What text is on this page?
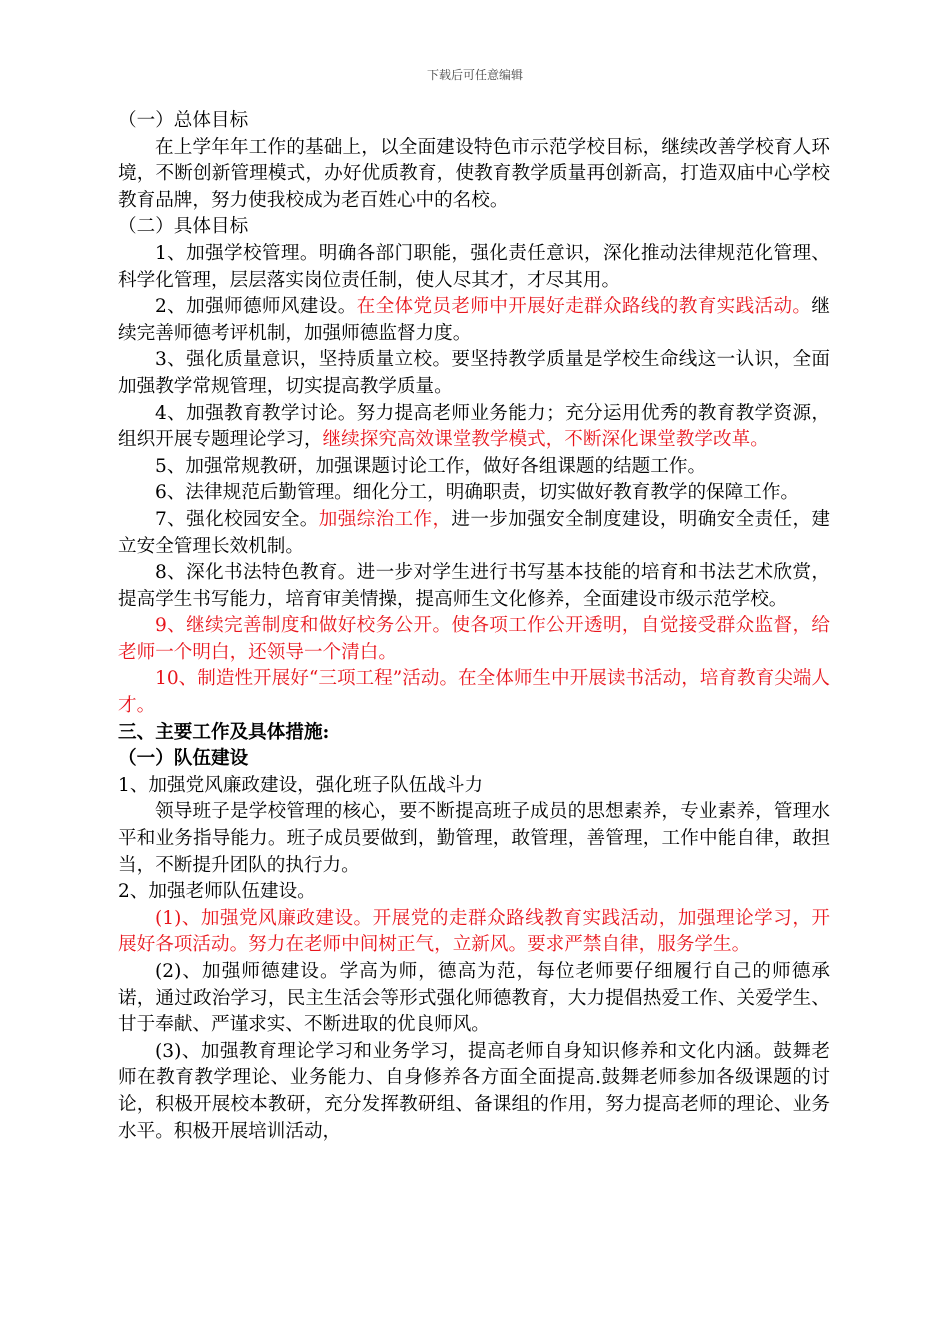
下载后可任意编辑

（一）总体目标

在上学年年工作的基础上，以全面建设特色市示范学校目标，继续改善学校育人环境，不断创新管理模式，办好优质教育，使教育教学质量再创新高，打造双庙中心学校教育品牌，努力使我校成为老百姓心中的名校。

（二）具体目标

1、加强学校管理。明确各部门职能，强化责任意识，深化推动法律规范化管理、科学化管理，层层落实岗位责任制，使人尽其才，才尽其用。

2、加强师德师风建设。在全体党员老师中开展好走群众路线的教育实践活动。继续完善师德考评机制，加强师德监督力度。

3、强化质量意识，坚持质量立校。要坚持教学质量是学校生命线这一认识，全面加强教学常规管理，切实提高教学质量。

4、加强教育教学讨论。努力提高老师业务能力；充分运用优秀的教育教学资源，组织开展专题理论学习，继续探究高效课堂教学模式，不断深化课堂教学改革。

5、加强常规教研，加强课题讨论工作，做好各组课题的结题工作。

6、法律规范后勤管理。细化分工，明确职责，切实做好教育教学的保障工作。

7、强化校园安全。加强综治工作，进一步加强安全制度建设，明确安全责任，建立安全管理长效机制。

8、深化书法特色教育。进一步对学生进行书写基本技能的培育和书法艺术欣赏，提高学生书写能力，培育审美情操，提高师生文化修养，全面建设市级示范学校。

9、继续完善制度和做好校务公开。使各项工作公开透明，自觉接受群众监督，给老师一个明白，还领导一个清白。

10、制造性开展好“三项工程”活动。在全体师生中开展读书活动，培育教育尖端人才。

三、主要工作及具体措施:

（一）队伍建设

1、加强党风廉政建设，强化班子队伍战斗力

领导班子是学校管理的核心，要不断提高班子成员的思想素养，专业素养，管理水平和业务指导能力。班子成员要做到，勤管理，敢管理，善管理，工作中能自律，敢担当，不断提升团队的执行力。

2、加强老师队伍建设。

(1)、加强党风廉政建设。开展党的走群众路线教育实践活动，加强理论学习，开展好各项活动。努力在老师中间树正气，立新风。要求严禁自律，服务学生。

(2)、加强师德建设。学高为师，德高为范，每位老师要仔细履行自己的师德承诺，通过政治学习，民主生活会等形式强化师德教育，大力提倡热爱工作、关爱学生、甘于奉献、严谨求实、不断进取的优良师风。

(3)、加强教育理论学习和业务学习，提高老师自身知识修养和文化内涵。鼓舞老师在教育教学理论、业务能力、自身修养各方面全面提高.鼓舞老师参加各级课题的讨论，积极开展校本教研，充分发挥教研组、备课组的作用，努力提高老师的理论、业务水平。积极开展培训活动，
